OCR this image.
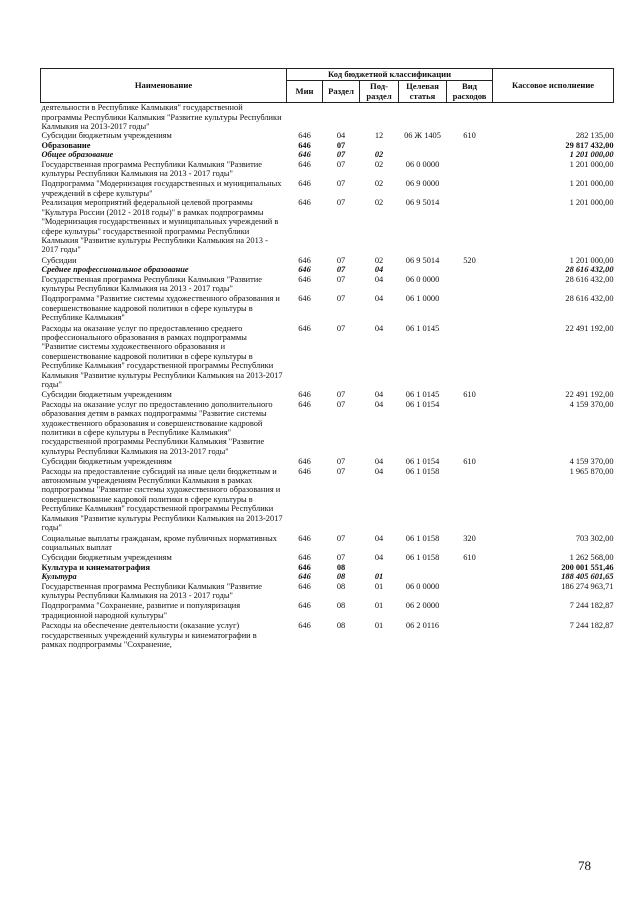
Наименование	Код бюджетной классификации					Кассовое исполнение
	Мин	Раздел	Под-раздел	Целевая статья	Вид расходов	
деятельности в Республике Калмыкия" государственной программы Республики Калмыкия "Развитие культуры Республики Калмыкия на 2013-2017 годы"						
Субсидии бюджетным учреждениям	646	04	12	06 Ж 1405	610	282 135,00
Образование	646	07				29 817 432,00
Общее образование	646	07	02			1 201 000,00
Государственная программа Республики Калмыкия "Развитие культуры Республики Калмыкия на 2013 - 2017 годы"	646	07	02	06 0 0000		1 201 000,00
Подпрограмма "Модернизация государственных и муниципальных учреждений в сфере культуры"	646	07	02	06 9 0000		1 201 000,00
Реализация мероприятий федеральной целевой программы "Культура России (2012 - 2018 годы)" в рамках подпрограммы "Модернизация государственных и муниципальных учреждений в сфере культуры" государственной программы Республики Калмыкия "Развитие культуры Республики Калмыкия на 2013 - 2017 годы"	646	07	02	06 9 5014		1 201 000,00
Субсидии	646	07	02	06 9 5014	520	1 201 000,00
Среднее профессиональное образование	646	07	04			28 616 432,00
Государственная программа Республики Калмыкия "Развитие культуры Республики Калмыкия на 2013 - 2017 годы"	646	07	04	06 0 0000		28 616 432,00
Подпрограмма "Развитие системы художественного образования и совершенствование кадровой политики в сфере культуры в Республике Калмыкия"	646	07	04	06 1 0000		28 616 432,00
Расходы на оказание услуг по предоставлению среднего профессионального образования в рамках подпрограммы "Развитие системы художественного образования и совершенствование кадровой политики в сфере культуры в Республике Калмыкия" государственной программы Республики Калмыкия "Развитие культуры Республики Калмыкия на 2013-2017 годы"	646	07	04	06 1 0145		22 491 192,00
Субсидии бюджетным учреждениям	646	07	04	06 1 0145	610	22 491 192,00
Расходы на оказание услуг по предоставлению дополнительного образования детям в рамках подпрограммы "Развитие системы художественного образования и совершенствование кадровой политики в сфере культуры в Республике Калмыкия" государственной программы Республики Калмыкия "Развитие культуры Республики Калмыкия на 2013-2017 годы"	646	07	04	06 1 0154		4 159 370,00
Субсидии бюджетным учреждениям	646	07	04	06 1 0154	610	4 159 370,00
Расходы на предоставление субсидий на иные цели бюджетным и автономным учреждениям Республики Калмыкия в рамках подпрограммы "Развитие системы художественного образования и совершенствование кадровой политики в сфере культуры в Республике Калмыкия" государственной программы Республики Калмыкия "Развитие культуры Республики Калмыкия на 2013-2017 годы"	646	07	04	06 1 0158		1 965 870,00
Социальные выплаты гражданам, кроме публичных нормативных социальных выплат	646	07	04	06 1 0158	320	703 302,00
Субсидии бюджетным учреждениям	646	07	04	06 1 0158	610	1 262 568,00
Культура и кинематография	646	08				200 001 551,46
Культура	646	08	01			188 405 601,65
Государственная программа Республики Калмыкия "Развитие культуры Республики Калмыкия на 2013 - 2017 годы"	646	08	01	06 0 0000		186 274 963,71
Подпрограмма "Сохранение, развитие и популяризация традиционной народной культуры"	646	08	01	06 2 0000		7 244 182,87
Расходы на обеспечение деятельности (оказание услуг) государственных учреждений культуры и кинематографии в рамках подпрограммы "Сохранение,	646	08	01	06 2 0116		7 244 182,87
78
